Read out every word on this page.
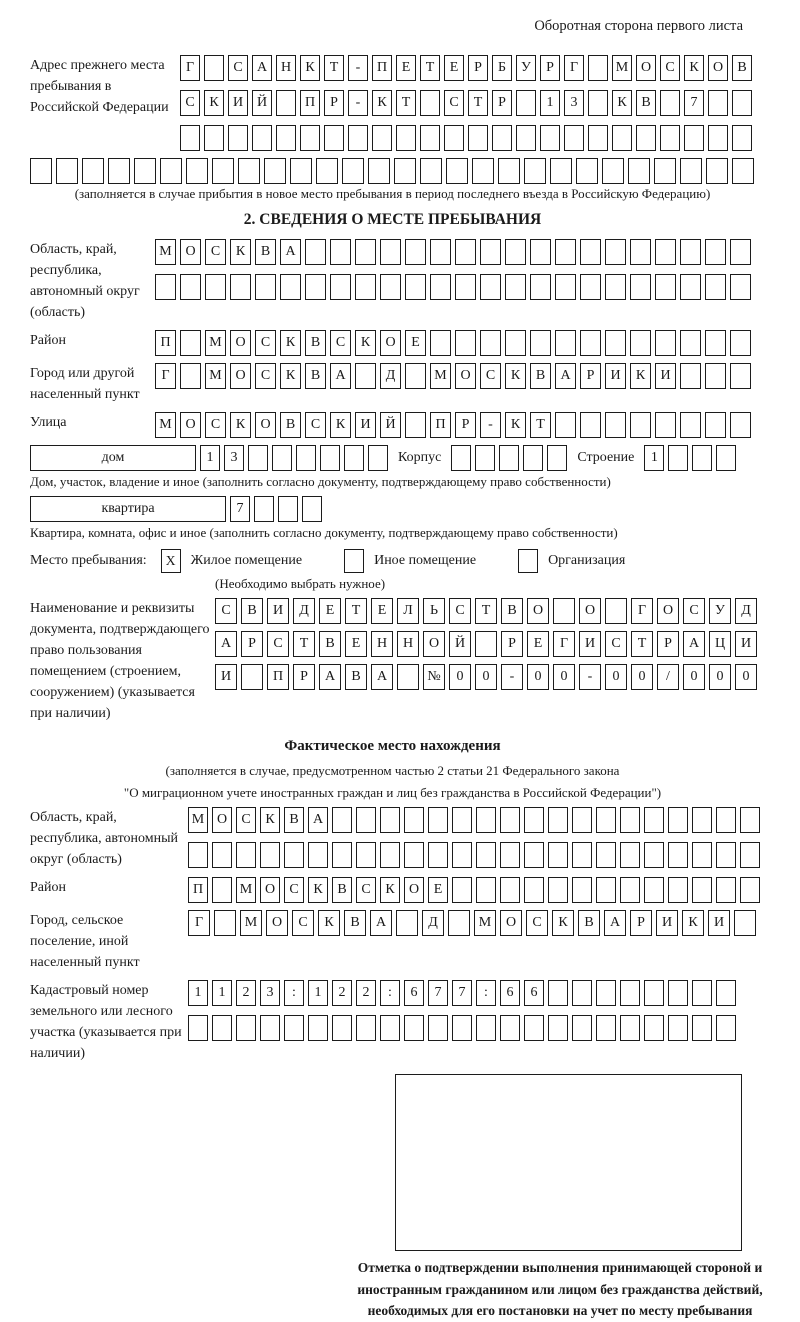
Оборотная сторона первого листа
Адрес прежнего места пребывания в Российской Федерации
Г	С	А Н	К	Т	-	П	Е	Т	Е	Р	Б	У	Р	Г	М О	С	К	О	В
С	К	И Й	П	Р	-	К	Т	С	Т	Р	1	3	К	В	7
(заполняется в случае прибытия в новое место пребывания в период последнего въезда в Российскую Федерацию)
2. СВЕДЕНИЯ О МЕСТЕ ПРЕБЫВАНИЯ
Область, край, республика, автономный округ (область)
М О	С	К	В	А
Район	П	М О	С	К	В	С	К	О	Е
Город или другой населенный пункт
Г	М О	С	К	В	А	Д	М О	С	К	В	А	Р	И	К	И
Улица	М О	С	К	О	В	С	К	И	Й	П	Р	-	К	Т
дом	1	3	Корпус	Строение	1
Дом, участок, владение и иное (заполнить согласно документу, подтверждающему право собственности)
квартира	7
Квартира, комната, офис и иное (заполнить согласно документу, подтверждающему право собственности)
Место пребывания:	X	Жилое помещение	Иное помещение	Организация
(Необходимо выбрать нужное)
Наименование и реквизиты документа, подтверждающего право пользования помещением (строением, сооружением) (указывается при наличии)
С	В	И	Д	Е	Т	Е	Л	Ь	С	Т	В	О	О	Г	О	С	У	Д
А	Р	С	Т	В	Е	Н	Н	О	Й	Р	Е	Г	И	С	Т	Р	А	Ц	И
И	П	Р	А	В	А	№	0	0	-	0	0	-	0	0	/	0	0	0
Фактическое место нахождения
(заполняется в случае, предусмотренном частью 2 статьи 21 Федерального закона
"О миграционном учете иностранных граждан и лиц без гражданства в Российской Федерации")
Область, край, республика, автономный округ (область)
М О	С	К	В	А
Район	П	М О	С	К	В	С	К	О	Е
Город, сельское поселение, иной населенный пункт
Г	М	О	С	К	В	А	Д	М	О	С	К	В	А	Р	И	К	И
Кадастровый номер земельного или лесного участка (указывается при наличии)
1	1	2	3	:	1	2	2	:	6	7	7	:	6	6
Отметка о подтверждении выполнения принимающей стороной и иностранным гражданином или лицом без гражданства действий, необходимых для его постановки на учет по месту пребывания
